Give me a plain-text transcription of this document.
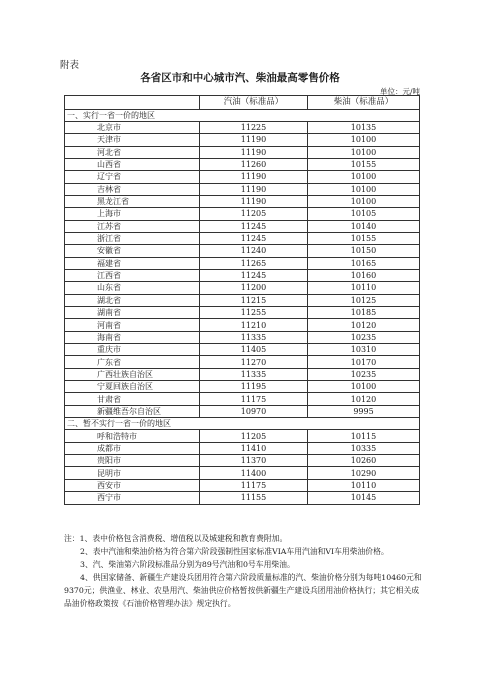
附表
各省区市和中心城市汽、柴油最高零售价格
单位：元/吨
	汽油（标准品）	柴油（标准品）
一、实行一省一价的地区		
北京市	11225	10135
天津市	11190	10100
河北省	11190	10100
山西省	11260	10155
辽宁省	11190	10100
吉林省	11190	10100
黑龙江省	11190	10100
上海市	11205	10105
江苏省	11245	10140
浙江省	11245	10155
安徽省	11240	10150
福建省	11265	10165
江西省	11245	10160
山东省	11200	10110
湖北省	11215	10125
湖南省	11255	10185
河南省	11210	10120
海南省	11335	10235
重庆市	11405	10310
广东省	11270	10170
广西壮族自治区	11335	10235
宁夏回族自治区	11195	10100
甘肃省	11175	10120
新疆维吾尔自治区	10970	9995
二、暂不实行一省一价的地区		
呼和浩特市	11205	10115
成都市	11410	10335
贵阳市	11370	10260
昆明市	11400	10290
西安市	11175	10110
西宁市	11155	10145

注：1、表中价格包含消费税、增值税以及城建税和教育费附加。

2、表中汽油和柴油价格为符合第六阶段强制性国家标准VIA车用汽油和VI车用柴油价格。

3、汽、柴油第六阶段标准品分别为89号汽油和0号车用柴油。

4、供国家储备、新疆生产建设兵团用符合第六阶段质量标准的汽、柴油价格分别为每吨10460元和9370元；供渔业、林业、农垦用汽、柴油供应价格暂按供新疆生产建设兵团用油价格执行；其它相关成品油价格政策按《石油价格管理办法》规定执行。
